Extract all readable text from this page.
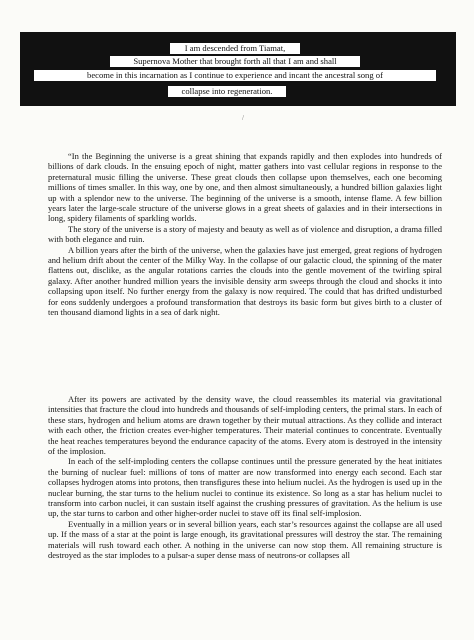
I am descended from Tiamat,
Supernova Mother that brought forth all that I am and shall
become in this incarnation as I continue to experience and incant the ancestral song of
collapse into regeneration.
/

“In the Beginning the universe is a great shining that expands rapidly and then explodes into hundreds of billions of dark clouds. In the ensuing epoch of night, matter gathers into vast cellular regions in response to the preternatural music filling the universe. These great clouds then collapse upon themselves, each one becoming millions of times smaller. In this way, one by one, and then almost simultaneously, a hundred billion galaxies light up with a splendor new to the universe. The beginning of the universe is a smooth, intense flame. A few billion years later the large-scale structure of the universe glows in a great sheets of galaxies and in their intersections in long, spidery filaments of sparkling worlds.

The story of the universe is a story of majesty and beauty as well as of violence and disruption, a drama filled with both elegance and ruin.

A billion years after the birth of the universe, when the galaxies have just emerged, great regions of hydrogen and helium drift about the center of the Milky Way. In the collapse of our galactic cloud, the spinning of the mater flattens out, disclike, as the angular rotations carries the clouds into the gentle movement of the twirling spiral galaxy. After another hundred million years the invisible density arm sweeps through the cloud and shocks it into collapsing upon itself. No further energy from the galaxy is now required. The could that has drifted undisturbed for eons suddenly undergoes a profound transformation that destroys its basic form but gives birth to a cluster of ten thousand diamond lights in a sea of dark night.

After its powers are activated by the density wave, the cloud reassembles its material via gravitational intensities that fracture the cloud into hundreds and thousands of self-imploding centers, the primal stars. In each of these stars, hydrogen and helium atoms are drawn together by their mutual attractions. As they collide and interact with each other, the friction creates ever-higher temperatures. Their material continues to concentrate. Eventually the heat reaches temperatures beyond the endurance capacity of the atoms. Every atom is destroyed in the intensity of the implosion.

In each of the self-imploding centers the collapse continues until the pressure generated by the heat initiates the burning of nuclear fuel: millions of tons of matter are now transformed into energy each second. Each star collapses hydrogen atoms into protons, then transfigures these into helium nuclei. As the hydrogen is used up in the nuclear burning, the star turns to the helium nuclei to continue its existence. So long as a star has helium nuclei to transform into carbon nuclei, it can sustain itself against the crushing pressures of gravitation. As the helium is use up, the star turns to carbon and other higher-order nuclei to stave off its final self-implosion.

Eventually in a million years or in several billion years, each star’s resources against the collapse are all used up. If the mass of a star at the point is large enough, its gravitational pressures will destroy the star. The remaining materials will rush toward each other. A nothing in the universe can now stop them. All remaining structure is destroyed as the star implodes to a pulsar-a super dense mass of neutrons-or collapses all
